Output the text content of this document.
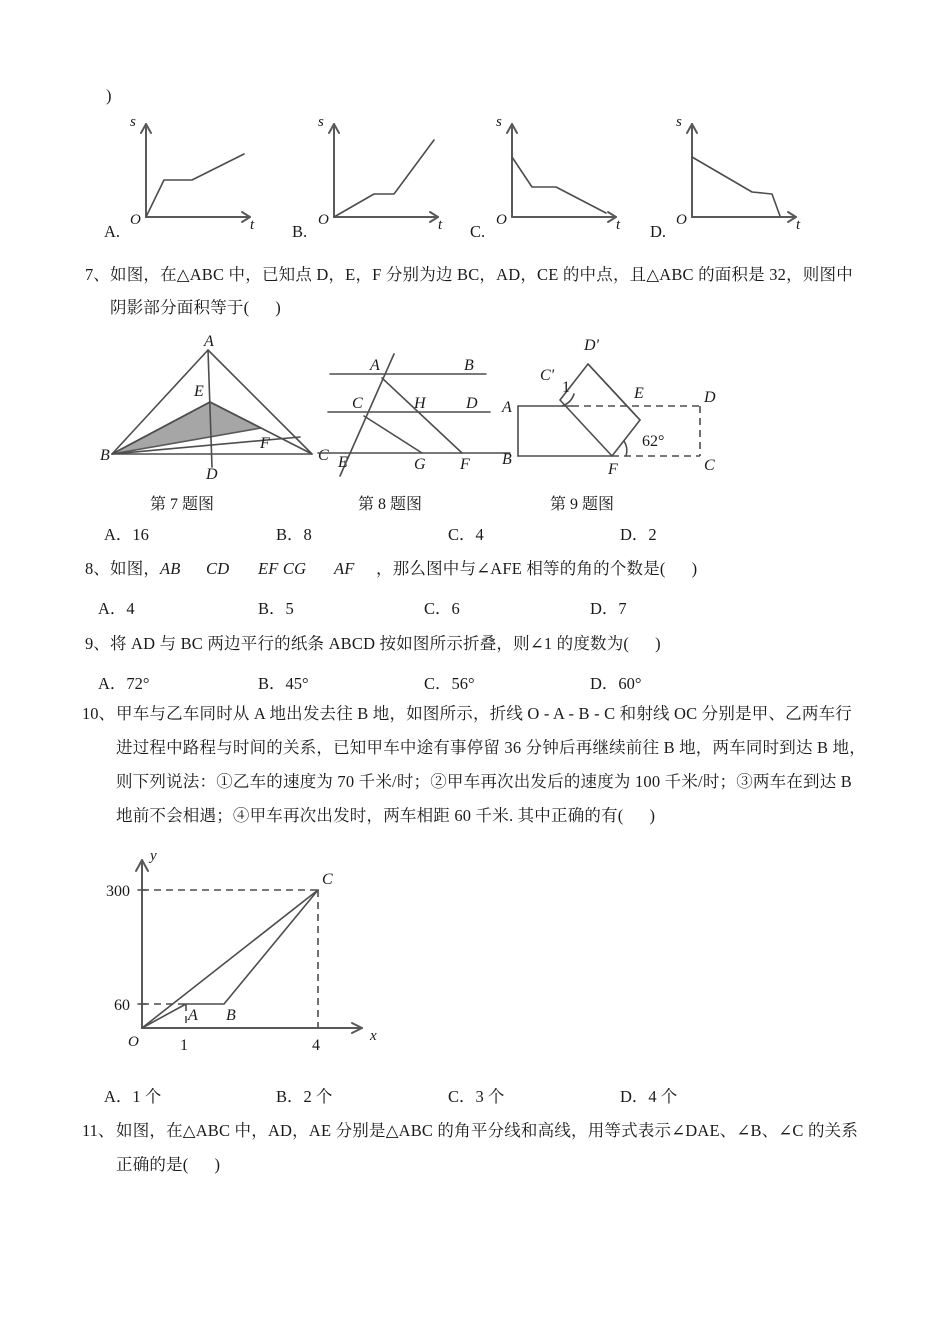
)
s
t
O
A.
s
t
O
B.
s
t
O
C.
s
t
O
D.
7、 如图，在△ABC 中，已知点 D，E，F 分别为边 BC，AD，CE 的中点，且△ABC 的面积是 32，则图中
阴影部分面积等于(      )
A
B	C
D
E
F
第 7 题图
A	B
C	D
H
E	G F
第 8 题图
A
B
F	C
D
E
C'
D'
1
62°
第 9 题图
A．16	B．8	C．4	D．2
8、 如图， AB CD EF CG AF ，那么图中与∠AFE 相等的角的个数是(      )
A．4	B．5	C．6	D．7
9、 将 AD 与 BC 两边平行的纸条 ABCD 按如图所示折叠，则∠1 的度数为(      )
A．72°	B．45°	C．56°	D．60°
10、 甲车与乙车同时从 A 地出发去往 B 地，如图所示，折线 O - A - B - C 和射线 OC 分别是甲、乙两车行
进过程中路程与时间的关系，已知甲车中途有事停留 36 分钟后再继续前往 B 地，两车同时到达 B 地，
则下列说法：①乙车的速度为 70 千米/时；②甲车再次出发后的速度为 100 千米/时；③两车在到达 B
地前不会相遇；④甲车再次出发时，两车相距 60 千米. 其中正确的有(      )
y
x
O
300
60
1	4
A B
C
A．1 个	B．2 个	C．3 个	D．4 个
11、 如图，在△ABC 中，AD，AE 分别是△ABC 的角平分线和高线，用等式表示∠DAE、∠B、∠C 的关系
正确的是(      )
